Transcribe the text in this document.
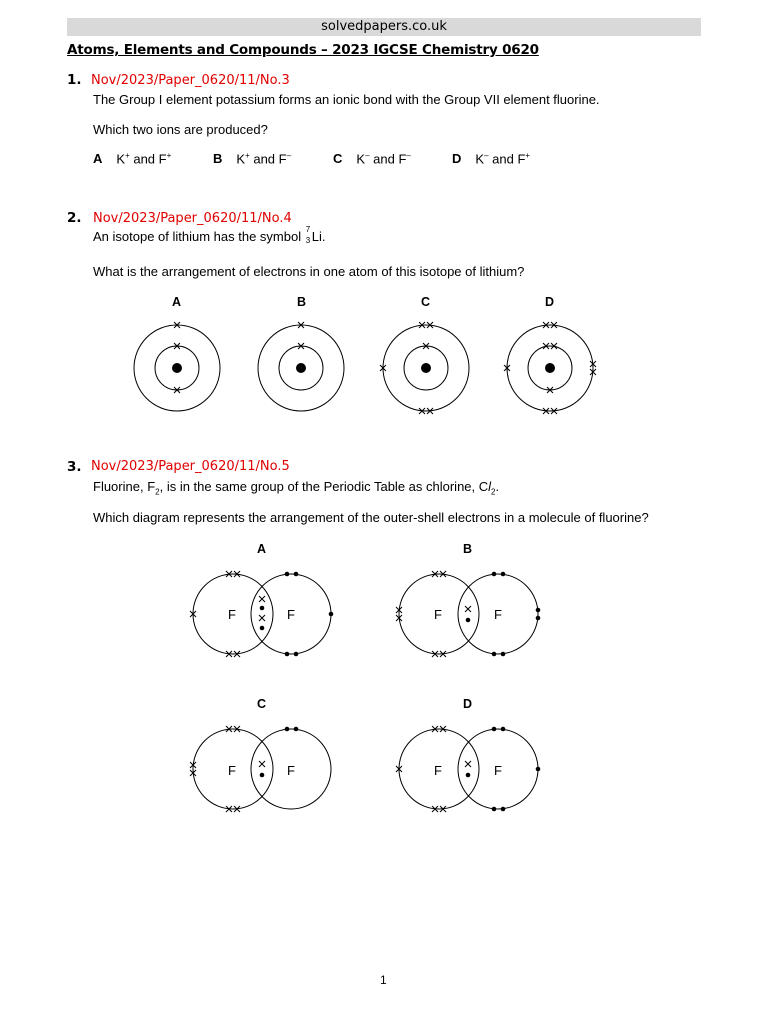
solvedpapers.co.uk
Atoms, Elements and Compounds – 2023 IGCSE Chemistry 0620
1. Nov/2023/Paper_0620/11/No.3
The Group I element potassium forms an ionic bond with the Group VII element fluorine.
Which two ions are produced?
A K+ and F+	B K+ and F–	C K– and F–	D K– and F+
2. Nov/2023/Paper_0620/11/No.4
An isotope of lithium has the symbol 7
3 Li.
What is the arrangement of electrons in one atom of this isotope of lithium?
A	B	C	D
3. Nov/2023/Paper_0620/11/No.5
Fluorine, $F_2$, is in the same group of the Periodic Table as chlorine, $Cl_2$.
Which diagram represents the arrangement of the outer-shell electrons in a molecule of fluorine?
A	B
C	D
F	F	F	F
F	F	F	F
1
